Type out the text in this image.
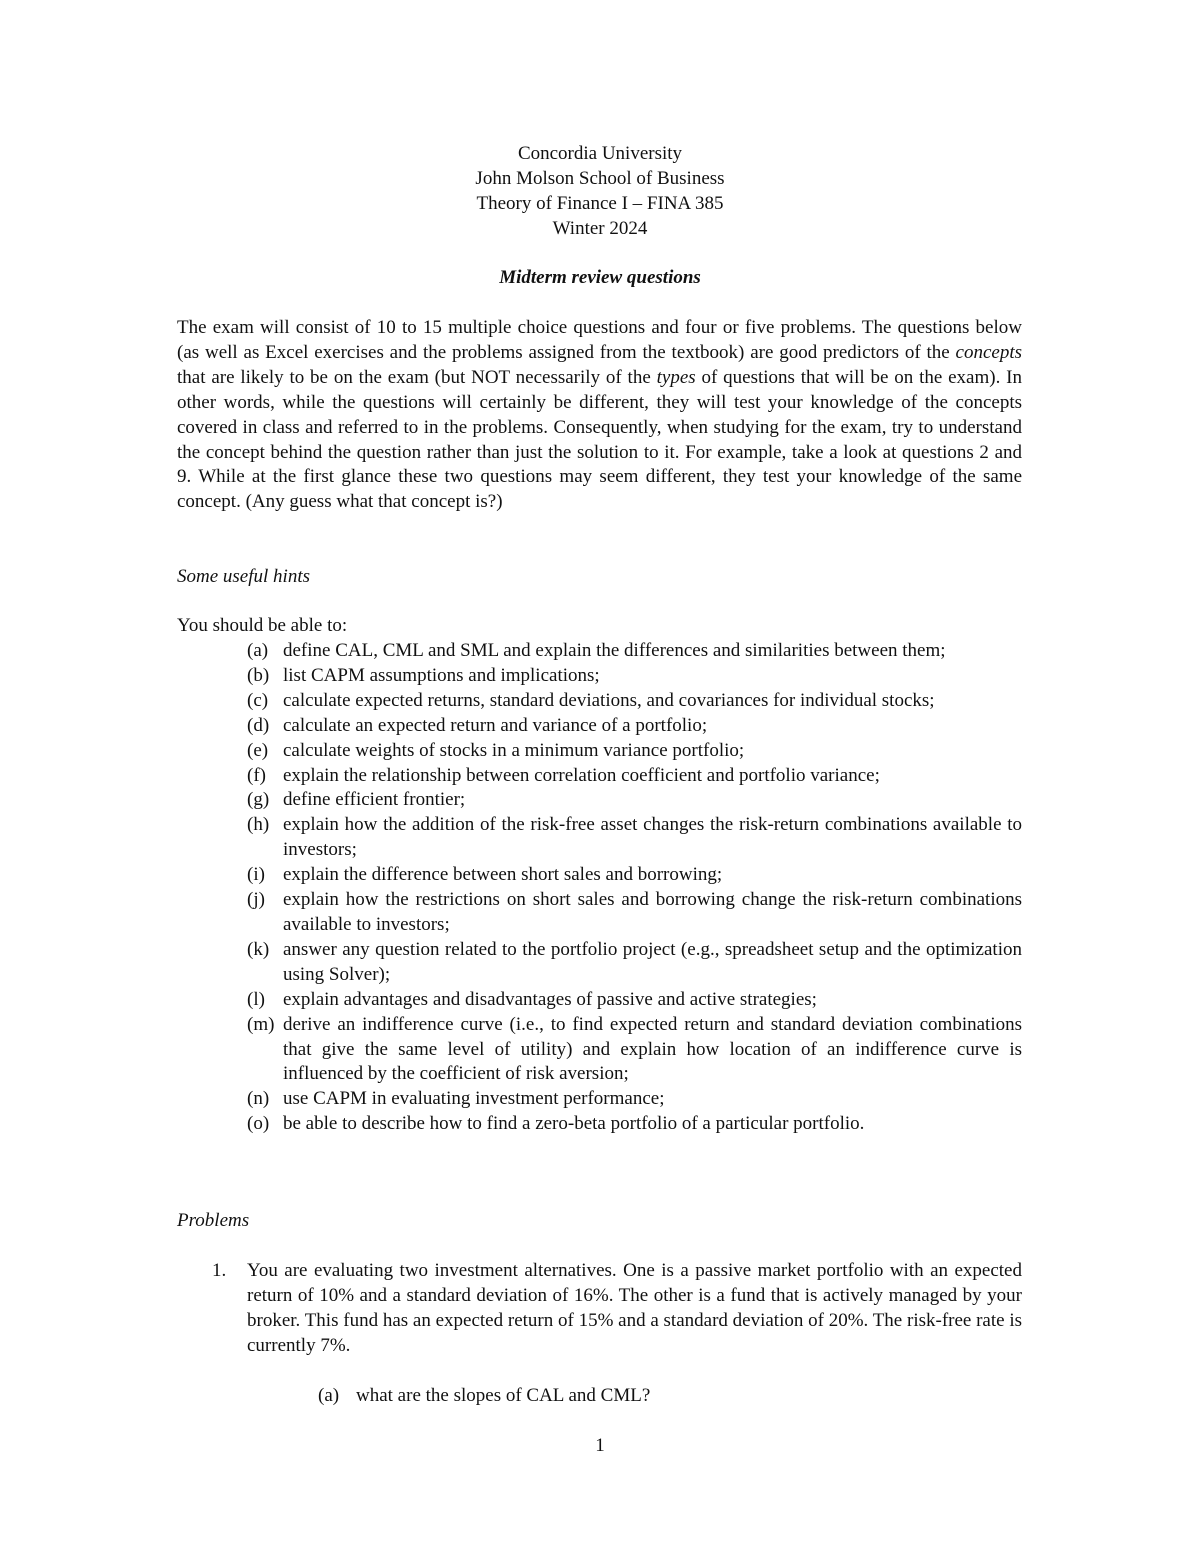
Concordia University
John Molson School of Business
Theory of Finance I – FINA 385
Winter 2024
Midterm review questions
The exam will consist of 10 to 15 multiple choice questions and four or five problems. The questions below (as well as Excel exercises and the problems assigned from the textbook) are good predictors of the concepts that are likely to be on the exam (but NOT necessarily of the types of questions that will be on the exam). In other words, while the questions will certainly be different, they will test your knowledge of the concepts covered in class and referred to in the problems. Consequently, when studying for the exam, try to understand the concept behind the question rather than just the solution to it. For example, take a look at questions 2 and 9. While at the first glance these two questions may seem different, they test your knowledge of the same concept. (Any guess what that concept is?)
Some useful hints
You should be able to:
(a) define CAL, CML and SML and explain the differences and similarities between them;
(b) list CAPM assumptions and implications;
(c) calculate expected returns, standard deviations, and covariances for individual stocks;
(d) calculate an expected return and variance of a portfolio;
(e) calculate weights of stocks in a minimum variance portfolio;
(f) explain the relationship between correlation coefficient and portfolio variance;
(g) define efficient frontier;
(h) explain how the addition of the risk-free asset changes the risk-return combinations available to investors;
(i) explain the difference between short sales and borrowing;
(j) explain how the restrictions on short sales and borrowing change the risk-return combinations available to investors;
(k) answer any question related to the portfolio project (e.g., spreadsheet setup and the optimization using Solver);
(l) explain advantages and disadvantages of passive and active strategies;
(m) derive an indifference curve (i.e., to find expected return and standard deviation combinations that give the same level of utility) and explain how location of an indifference curve is influenced by the coefficient of risk aversion;
(n) use CAPM in evaluating investment performance;
(o) be able to describe how to find a zero-beta portfolio of a particular portfolio.
Problems
1. You are evaluating two investment alternatives. One is a passive market portfolio with an expected return of 10% and a standard deviation of 16%. The other is a fund that is actively managed by your broker. This fund has an expected return of 15% and a standard deviation of 20%. The risk-free rate is currently 7%.
(a) what are the slopes of CAL and CML?
1
